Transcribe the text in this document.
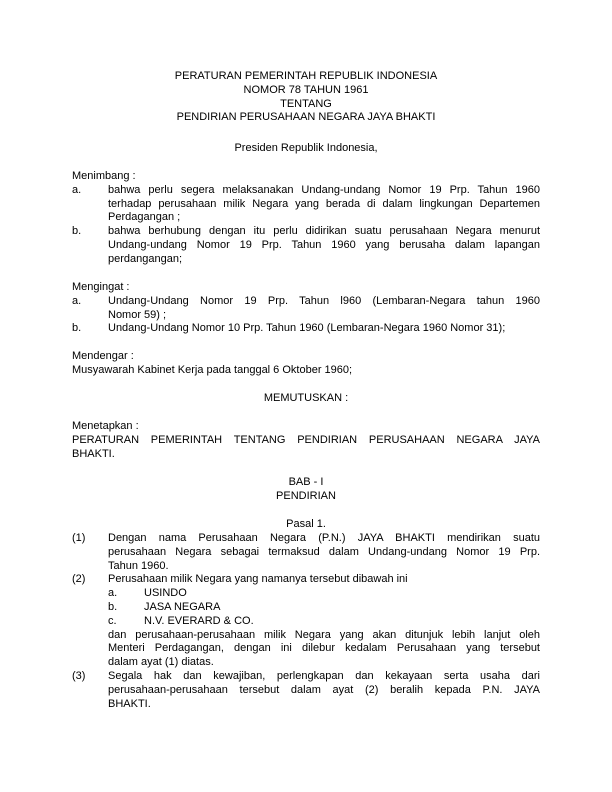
PERATURAN PEMERINTAH REPUBLIK INDONESIA
NOMOR 78 TAHUN 1961
TENTANG
PENDIRIAN PERUSAHAAN NEGARA JAYA BHAKTI
Presiden Republik Indonesia,
Menimbang :
a. bahwa perlu segera melaksanakan Undang-undang Nomor 19 Prp. Tahun 1960
terhadap perusahaan milik Negara yang berada di dalam lingkungan Departemen
Perdagangan ;
b. bahwa berhubung dengan itu perlu didirikan suatu perusahaan Negara menurut
Undang-undang Nomor 19 Prp. Tahun 1960 yang berusaha dalam lapangan
perdangangan;
Mengingat :
a. Undang-Undang Nomor 19 Prp. Tahun l960 (Lembaran-Negara tahun 1960
Nomor 59) ;
b. Undang-Undang Nomor 10 Prp. Tahun 1960 (Lembaran-Negara 1960 Nomor 31);
Mendengar :
Musyawarah Kabinet Kerja pada tanggal 6 Oktober 1960;
MEMUTUSKAN :
Menetapkan :
PERATURAN PEMERINTAH TENTANG PENDIRIAN PERUSAHAAN NEGARA JAYA
BHAKTI.
BAB - I
PENDIRIAN
Pasal 1.
(1) Dengan nama Perusahaan Negara (P.N.) JAYA BHAKTI mendirikan suatu
perusahaan Negara sebagai termaksud dalam Undang-undang Nomor 19 Prp.
Tahun 1960.
(2) Perusahaan milik Negara yang namanya tersebut dibawah ini
a. USINDO
b. JASA NEGARA
c. N.V. EVERARD & CO.
dan perusahaan-perusahaan milik Negara yang akan ditunjuk lebih lanjut oleh
Menteri Perdagangan, dengan ini dilebur kedalam Perusahaan yang tersebut
dalam ayat (1) diatas.
(3) Segala hak dan kewajiban, perlengkapan dan kekayaan serta usaha dari
perusahaan-perusahaan tersebut dalam ayat (2) beralih kepada P.N. JAYA
BHAKTI.
